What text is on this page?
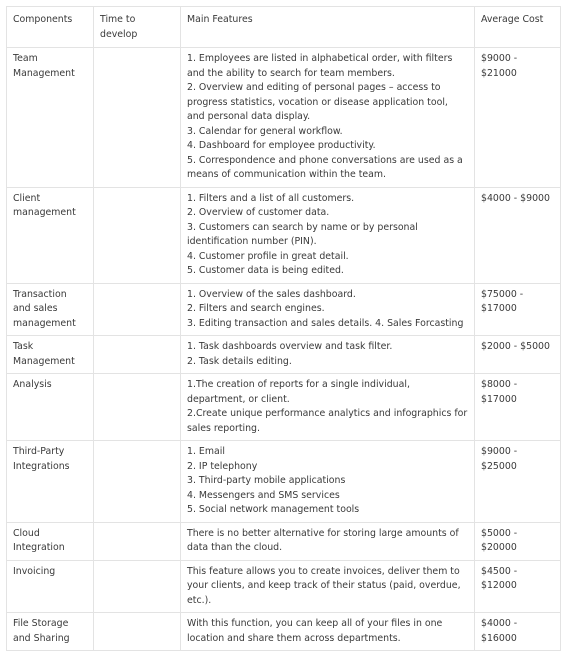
Components	Time to develop	Main Features	Average Cost
Team Management		1. Employees are listed in alphabetical order, with filters and the ability to search for team members.
2. Overview and editing of personal pages – access to progress statistics, vocation or disease application tool, and personal data display.
3. Calendar for general workflow.
4. Dashboard for employee productivity.
5. Correspondence and phone conversations are used as a means of communication within the team.	$9000 - $21000
Client management		1. Filters and a list of all customers.
2. Overview of customer data.
3. Customers can search by name or by personal identification number (PIN).
4. Customer profile in great detail.
5. Customer data is being edited.	$4000 - $9000
Transaction and sales management		1. Overview of the sales dashboard.
2. Filters and search engines.
3. Editing transaction and sales details. 4. Sales Forcasting	$75000 - $17000
Task Management		1. Task dashboards overview and task filter.
2. Task details editing.	$2000 - $5000
Analysis		1.The creation of reports for a single individual, department, or client.
2.Create unique performance analytics and infographics for sales reporting.	$8000 - $17000
Third-Party Integrations		1. Email
2. IP telephony
3. Third-party mobile applications
4. Messengers and SMS services
5. Social network management tools	$9000 - $25000
Cloud Integration		There is no better alternative for storing large amounts of data than the cloud.	$5000 - $20000
Invoicing		This feature allows you to create invoices, deliver them to your clients, and keep track of their status (paid, overdue, etc.).	$4500 - $12000
File Storage and Sharing		With this function, you can keep all of your files in one location and share them across departments.	$4000 - $16000
